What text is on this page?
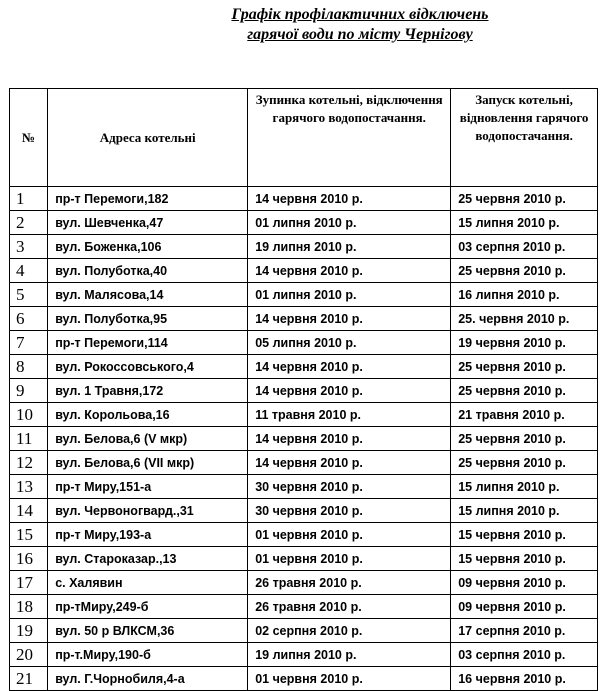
Графік профілактичних відключень
гарячої води по місту Чернігову
№	Адреса котельні	Зупинка котельні, відключення гарячого водопостачання.	Запуск котельні, відновлення гарячого водопостачання.
1	пр-т Перемоги,182	14 червня 2010 р.	25 червня 2010 р.
2	вул. Шевченка,47	01 липня 2010 р.	15 липня 2010 р.
3	вул. Боженка,106	19 липня 2010 р.	03 серпня 2010 р.
4	вул. Полуботка,40	14 червня 2010 р.	25 червня 2010 р.
5	вул. Малясова,14	01 липня 2010 р.	16 липня 2010 р.
6	вул. Полуботка,95	14 червня 2010 р.	25. червня 2010 р.
7	пр-т Перемоги,114	05 липня 2010 р.	19 червня 2010 р.
8	вул. Рокоссовського,4	14 червня 2010 р.	25 червня 2010 р.
9	вул. 1 Травня,172	14 червня 2010 р.	25 червня 2010 р.
10	вул. Корольова,16	11 травня 2010 р.	21 травня 2010 р.
11	вул. Белова,6 (V мкр)	14 червня 2010 р.	25 червня 2010 р.
12	вул. Белова,6 (VII мкр)	14 червня 2010 р.	25 червня 2010 р.
13	пр-т Миру,151-а	30 червня 2010 р.	15 липня 2010 р.
14	вул. Червоногвард.,31	30 червня 2010 р.	15 липня 2010 р.
15	пр-т Миру,193-а	01 червня 2010 р.	15 червня 2010 р.
16	вул. Староказар.,13	01 червня 2010 р.	15 червня 2010 р.
17	с. Халявин	26 травня 2010 р.	09 червня 2010 р.
18	пр-тМиру,249-б	26 травня 2010 р.	09 червня 2010 р.
19	вул. 50 р ВЛКСМ,36	02 серпня 2010 р.	17 серпня 2010 р.
20	пр-т.Миру,190-б	19 липня 2010 р.	03 серпня 2010 р.
21	вул. Г.Чорнобиля,4-а	01 червня 2010 р.	16 червня 2010 р.
